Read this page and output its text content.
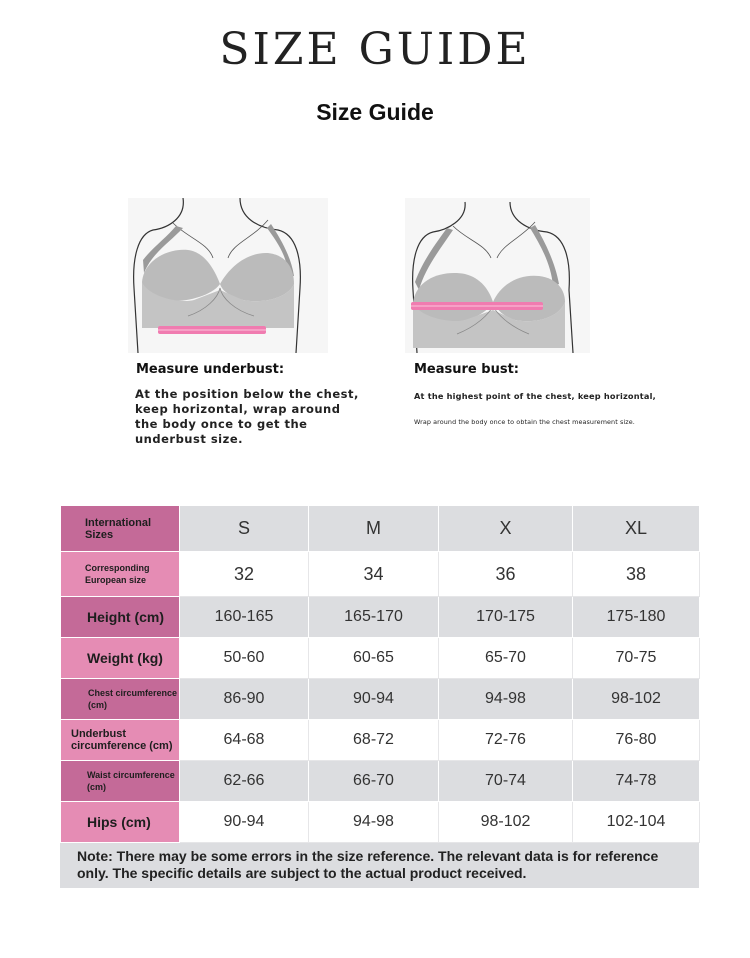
SIZE GUIDE
Size Guide
Measure underbust:
At the position below the chest, keep horizontal, wrap around the body once to get the underbust size.
Measure bust:
At the highest point of the chest, keep horizontal,
Wrap around the body once to obtain the chest measurement size.
International Sizes	S	M	X	XL
Corresponding European size	32	34	36	38
Height (cm)	160-165	165-170	170-175	175-180
Weight (kg)	50-60	60-65	65-70	70-75
Chest circumference (cm)	86-90	90-94	94-98	98-102
Underbust circumference (cm)	64-68	68-72	72-76	76-80
Waist circumference (cm)	62-66	66-70	70-74	74-78
Hips (cm)	90-94	94-98	98-102	102-104
Note: There may be some errors in the size reference. The relevant data is for reference only. The specific details are subject to the actual product received.
